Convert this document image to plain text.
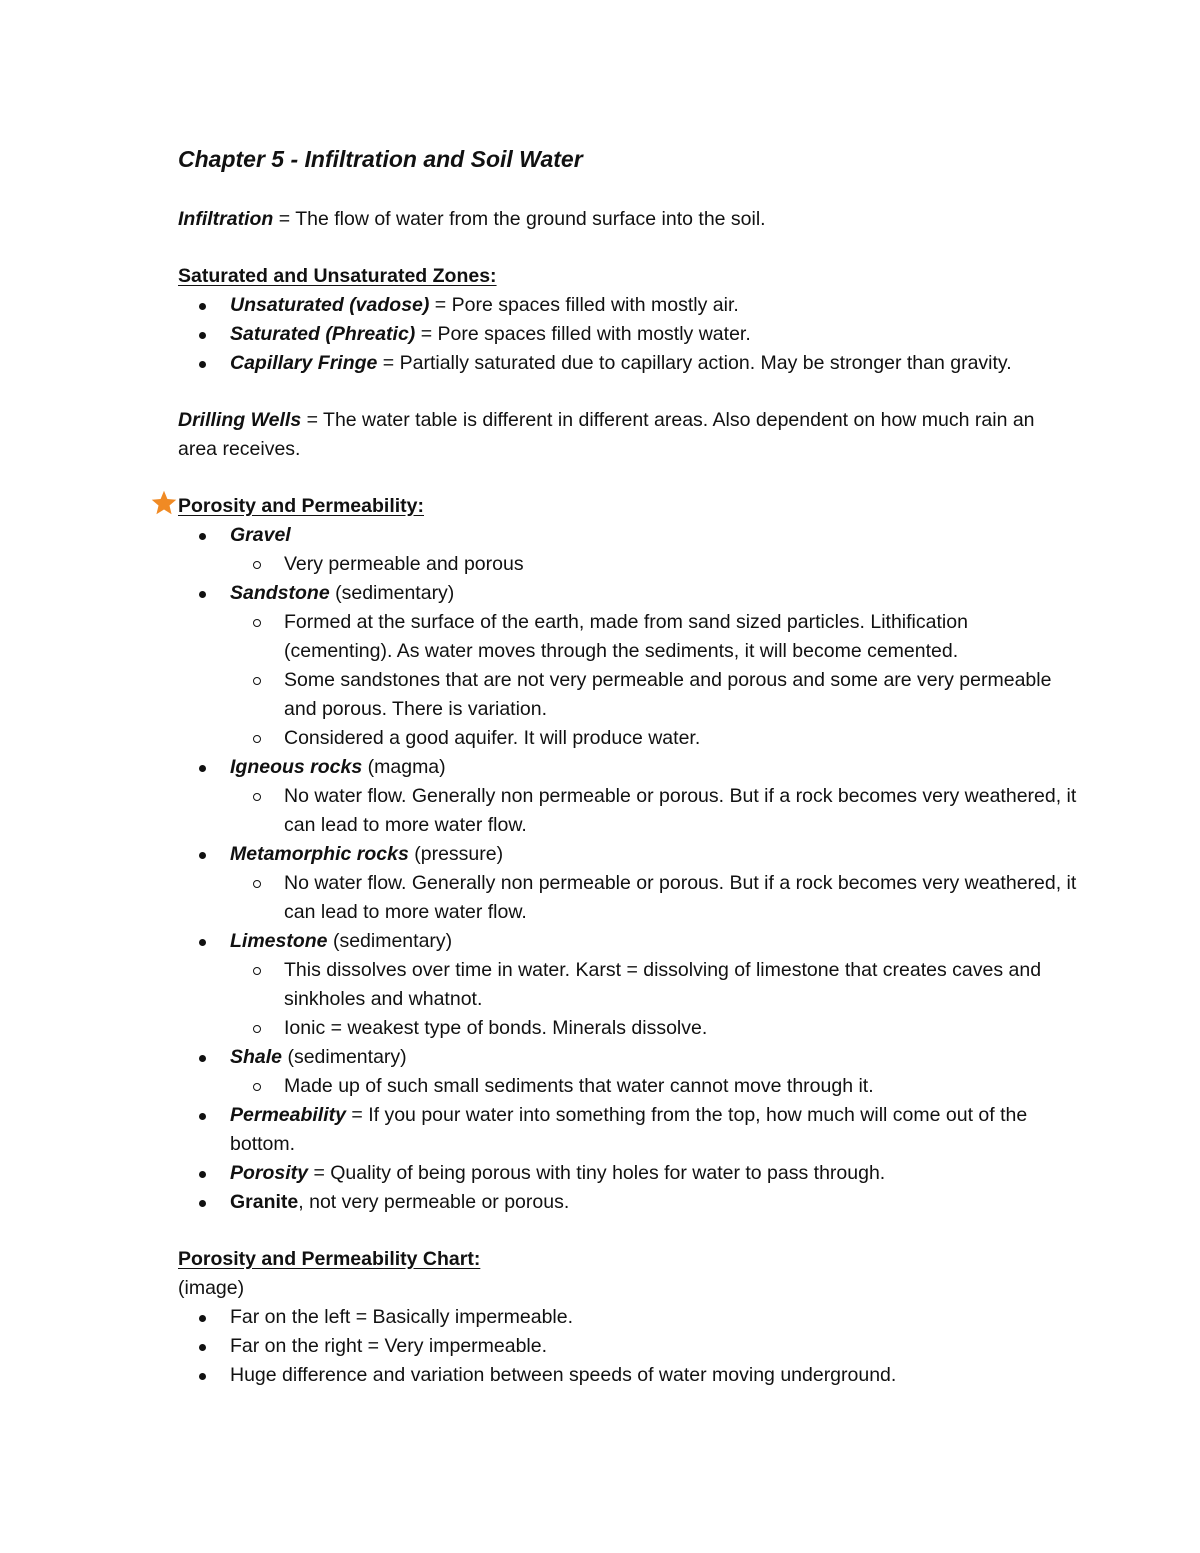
Chapter 5 - Infiltration and Soil Water

Infiltration = The flow of water from the ground surface into the soil.

Saturated and Unsaturated Zones:

Unsaturated (vadose) = Pore spaces filled with mostly air.
Saturated (Phreatic) = Pore spaces filled with mostly water.
Capillary Fringe = Partially saturated due to capillary action. May be stronger than gravity.

Drilling Wells = The water table is different in different areas. Also dependent on how much rain an area receives.

Porosity and Permeability:

Gravel
Very permeable and porous
Sandstone (sedimentary)
Formed at the surface of the earth, made from sand sized particles. Lithification (cementing). As water moves through the sediments, it will become cemented.
Some sandstones that are not very permeable and porous and some are very permeable and porous. There is variation.
Considered a good aquifer. It will produce water.
Igneous rocks (magma)
No water flow. Generally non permeable or porous. But if a rock becomes very weathered, it can lead to more water flow.
Metamorphic rocks (pressure)
No water flow. Generally non permeable or porous. But if a rock becomes very weathered, it can lead to more water flow.
Limestone (sedimentary)
This dissolves over time in water. Karst = dissolving of limestone that creates caves and sinkholes and whatnot.
Ionic = weakest type of bonds. Minerals dissolve.
Shale (sedimentary)
Made up of such small sediments that water cannot move through it.
Permeability = If you pour water into something from the top, how much will come out of the bottom.
Porosity = Quality of being porous with tiny holes for water to pass through.
Granite, not very permeable or porous.

Porosity and Permeability Chart:

(image)

Far on the left = Basically impermeable.
Far on the right = Very impermeable.
Huge difference and variation between speeds of water moving underground.
